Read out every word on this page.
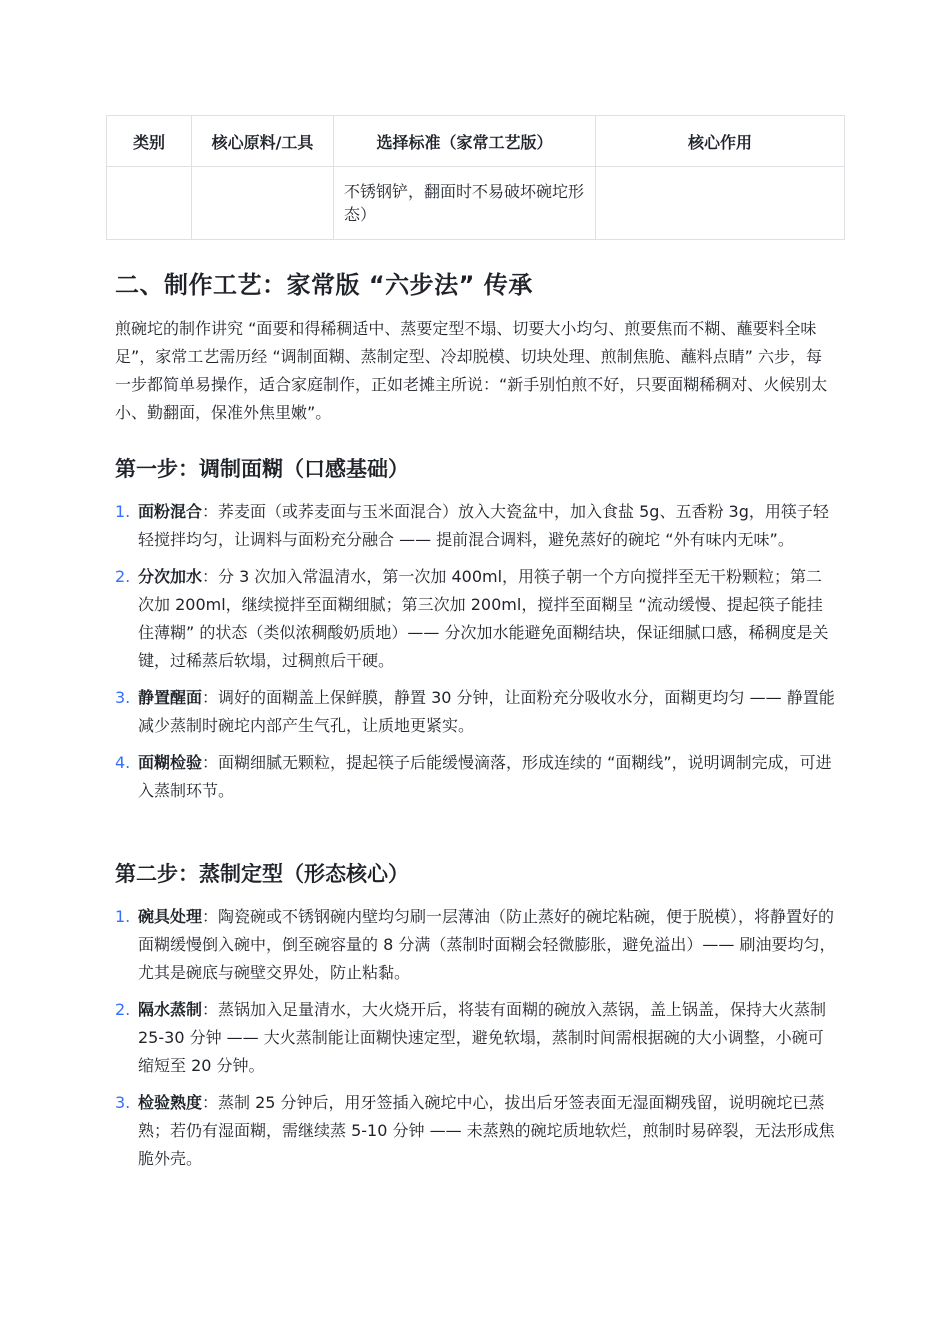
类别	核心原料/工具	选择标准（家常工艺版）	核心作用
		不锈钢铲，翻面时不易破坏碗坨形态）	
二、制作工艺：家常版 “六步法” 传承

煎碗坨的制作讲究 “面要和得稀稠适中、蒸要定型不塌、切要大小均匀、煎要焦而不糊、蘸要料全味足”，家常工艺需历经 “调制面糊、蒸制定型、冷却脱模、切块处理、煎制焦脆、蘸料点睛” 六步，每一步都简单易操作，适合家庭制作，正如老摊主所说：“新手别怕煎不好，只要面糊稀稠对、火候别太小、勤翻面，保准外焦里嫩”。

第一步：调制面糊（口感基础）
1. 面粉混合：荞麦面（或荞麦面与玉米面混合）放入大瓷盆中，加入食盐 5g、五香粉 3g，用筷子轻轻搅拌均匀，让调料与面粉充分融合 —— 提前混合调料，避免蒸好的碗坨 “外有味内无味”。
2. 分次加水：分 3 次加入常温清水，第一次加 400ml，用筷子朝一个方向搅拌至无干粉颗粒；第二次加 200ml，继续搅拌至面糊细腻；第三次加 200ml，搅拌至面糊呈 “流动缓慢、提起筷子能挂住薄糊” 的状态（类似浓稠酸奶质地）—— 分次加水能避免面糊结块，保证细腻口感，稀稠度是关键，过稀蒸后软塌，过稠煎后干硬。
3. 静置醒面：调好的面糊盖上保鲜膜，静置 30 分钟，让面粉充分吸收水分，面糊更均匀 —— 静置能减少蒸制时碗坨内部产生气孔，让质地更紧实。
4. 面糊检验：面糊细腻无颗粒，提起筷子后能缓慢滴落，形成连续的 “面糊线”，说明调制完成，可进入蒸制环节。
第二步：蒸制定型（形态核心）
1. 碗具处理：陶瓷碗或不锈钢碗内壁均匀刷一层薄油（防止蒸好的碗坨粘碗，便于脱模），将静置好的面糊缓慢倒入碗中，倒至碗容量的 8 分满（蒸制时面糊会轻微膨胀，避免溢出）—— 刷油要均匀，尤其是碗底与碗壁交界处，防止粘黏。
2. 隔水蒸制：蒸锅加入足量清水，大火烧开后，将装有面糊的碗放入蒸锅，盖上锅盖，保持大火蒸制 25-30 分钟 —— 大火蒸制能让面糊快速定型，避免软塌，蒸制时间需根据碗的大小调整，小碗可缩短至 20 分钟。
3. 检验熟度：蒸制 25 分钟后，用牙签插入碗坨中心，拔出后牙签表面无湿面糊残留，说明碗坨已蒸熟；若仍有湿面糊，需继续蒸 5-10 分钟 —— 未蒸熟的碗坨质地软烂，煎制时易碎裂，无法形成焦脆外壳。
